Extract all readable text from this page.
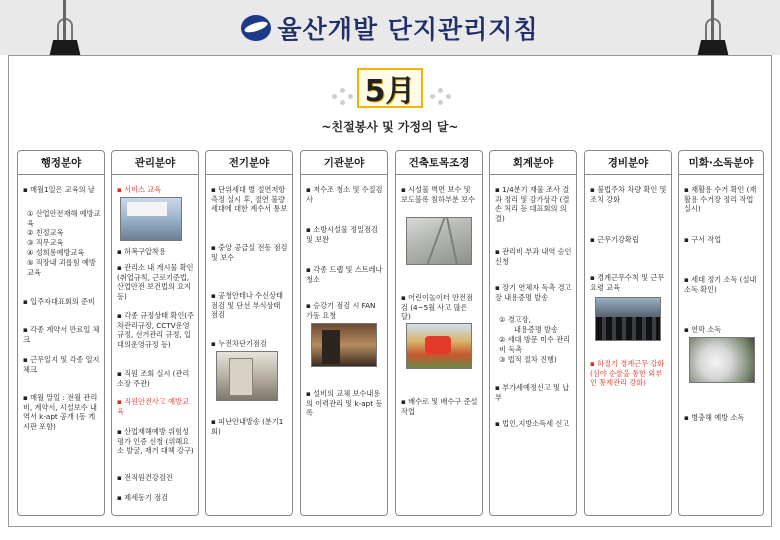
율산개발 단지관리지침
5月
~친절봉사 및 가정의 달~
행정분야
▪ 매월1일은 교육의 날
① 산업안전재해 예방교육
② 친절교육
③ 직무교육
④ 성희롱예방교육
⑤ 직장내 괴롭힘 예방교육
▪ 입주자대표회의 준비
▪ 각종 계약서 만료일 체크
▪ 근무일지 및 각종 일지 체크
▪ 매월 말일 : 전월 관리비, 계약서, 시설보수 내역서 k-apt 공개 (동 게시판 포함)
관리분야
▪ 서비스 교육
▪ 허복구압착용
▪ 관리소 내 게시물 확인(취업규칙, 근로기준법, 산업안전 보건법의 요지 등)
▪ 각종 규정상태 확인(주차관리규정, CCTV운영규정, 선거관리 규정, 입대의운영규정 등)
▪ 직원 조회 실시 (관리소장 주관)
▪ 직원안전사고 예방교육
▪ 산업재해예방 위험성평가 인증 신청 (위해요소 발굴, 재거 대책 강구)
▪ 전직원건강검진
▪ 제세동기 점검
전기분야
▪ 단위세대 별 절연저항 측정 실시 후, 절연 불량 세대에 대한 계수서 통보
▪ 중앙 공급실 전동 점검 및 보수
▪ 공청안테나 수신상태 점검 및 단선 부식상태 점검
▪ 누전차단기점검
▪ 피난안내방송 (분기1회)
기관분야
▪ 저수조 청소 및 수질검사
▪ 소방시설물 정밀점검 및 보완
▪ 각종 드랩 및 스트레나 청소
▪ 승강기 점검 시 FAN 가동 요청
▪ 설비의 교체 보수내용의 이력관리 및 k-apt 등록
건축토목조경
▪ 시설물 벽면 보수 및 보도블록 침하부분 보수
▪ 어린이놀이터 안전점검 (4~5월 사고 많은 달)
▪ 배수로 및 배수구 준설 작업
회계분야
▪ 1/4분기 재물 조사 결과 정리 및 감가상각 (결손 처리 등 대표회의 의결)
▪ 관리비 부과 내역 승인신청
▪ 장기 연체자 독촉 경고장 내용증명 발송
① 경고장,
내용증명 발송
② 세대 방문 미수 관리비 독촉
③ 법적 절차 진행)
▪ 부가세예정신고 및 납부
▪ 법인,지방소득세 신고
경비분야
▪ 불법주차 차량 확인 및 조치 강화
▪ 근무기강확립
▪ 경계근무수칙 및 근무 요령 교육
▪ 하절기 경계근무 강화 (심야 순찰을 통한 외부인 통제관리 강화)
미화·소독분야
▪ 재활용 수거 확인 (재활용 수거장 정리 작업 실시)
▪ 구서 작업
▪ 세대 정기 소독 (실내 소독 확인)
▪ 연막 소독
▪ 병충해 예방 소독
